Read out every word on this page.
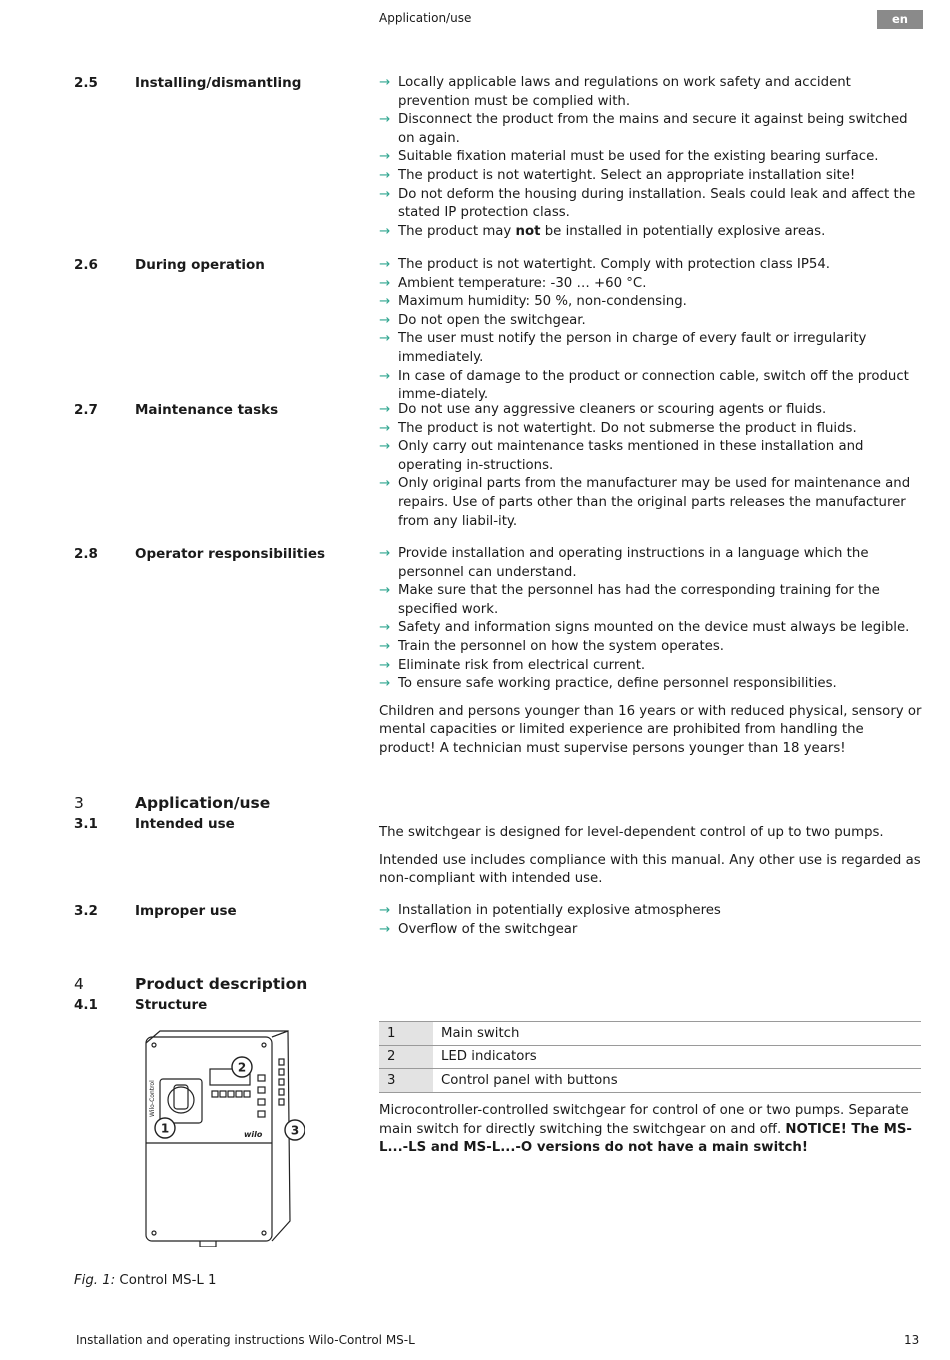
Application/use	en
2.5	Installing/dismantling	→ Locally applicable laws and regulations on work safety and accident prevention must be complied with.
→ Disconnect the product from the mains and secure it against being switched on again.
→ Suitable fixation material must be used for the existing bearing surface.
→ The product is not watertight. Select an appropriate installation site!
→ Do not deform the housing during installation. Seals could leak and affect the stated IP protection class.
→ The product may not be installed in potentially explosive areas.
2.6	During operation	→ The product is not watertight. Comply with protection class IP54.
→ Ambient temperature: -30 … +60 °C.
→ Maximum humidity: 50 %, non-condensing.
→ Do not open the switchgear.
→ The user must notify the person in charge of every fault or irregularity immediately.
→ In case of damage to the product or connection cable, switch off the product imme-diately.
2.7	Maintenance tasks	→ Do not use any aggressive cleaners or scouring agents or fluids.
→ The product is not watertight. Do not submerse the product in fluids.
→ Only carry out maintenance tasks mentioned in these installation and operating in-structions.
→ Only original parts from the manufacturer may be used for maintenance and repairs. Use of parts other than the original parts releases the manufacturer from any liabil-ity.
2.8	Operator responsibilities	→ Provide installation and operating instructions in a language which the personnel can understand.
→ Make sure that the personnel has had the corresponding training for the specified work.
→ Safety and information signs mounted on the device must always be legible.
→ Train the personnel on how the system operates.
→ Eliminate risk from electrical current.
→ To ensure safe working practice, define personnel responsibilities.

Children and persons younger than 16 years or with reduced physical, sensory or mental capacities or limited experience are prohibited from handling the product! A technician must supervise persons younger than 18 years!

3	Application/use
3.1	Intended use

The switchgear is designed for level-dependent control of up to two pumps.

Intended use includes compliance with this manual. Any other use is regarded as non-compliant with intended use.

3.2	Improper use	→ Installation in potentially explosive atmospheres
→ Overflow of the switchgear
4	Product description
4.1	Structure
1	Main switch
2	LED indicators
3	Control panel with buttons

Microcontroller-controlled switchgear for control of one or two pumps. Separate main switch for directly switching the switchgear on and off. NOTICE! The MS-L...-LS and MS-L...-O versions do not have a main switch!

Wilo-Control
wilo
1
2
3
Fig. 1: Control MS-L 1
Installation and operating instructions Wilo-Control MS-L	13
